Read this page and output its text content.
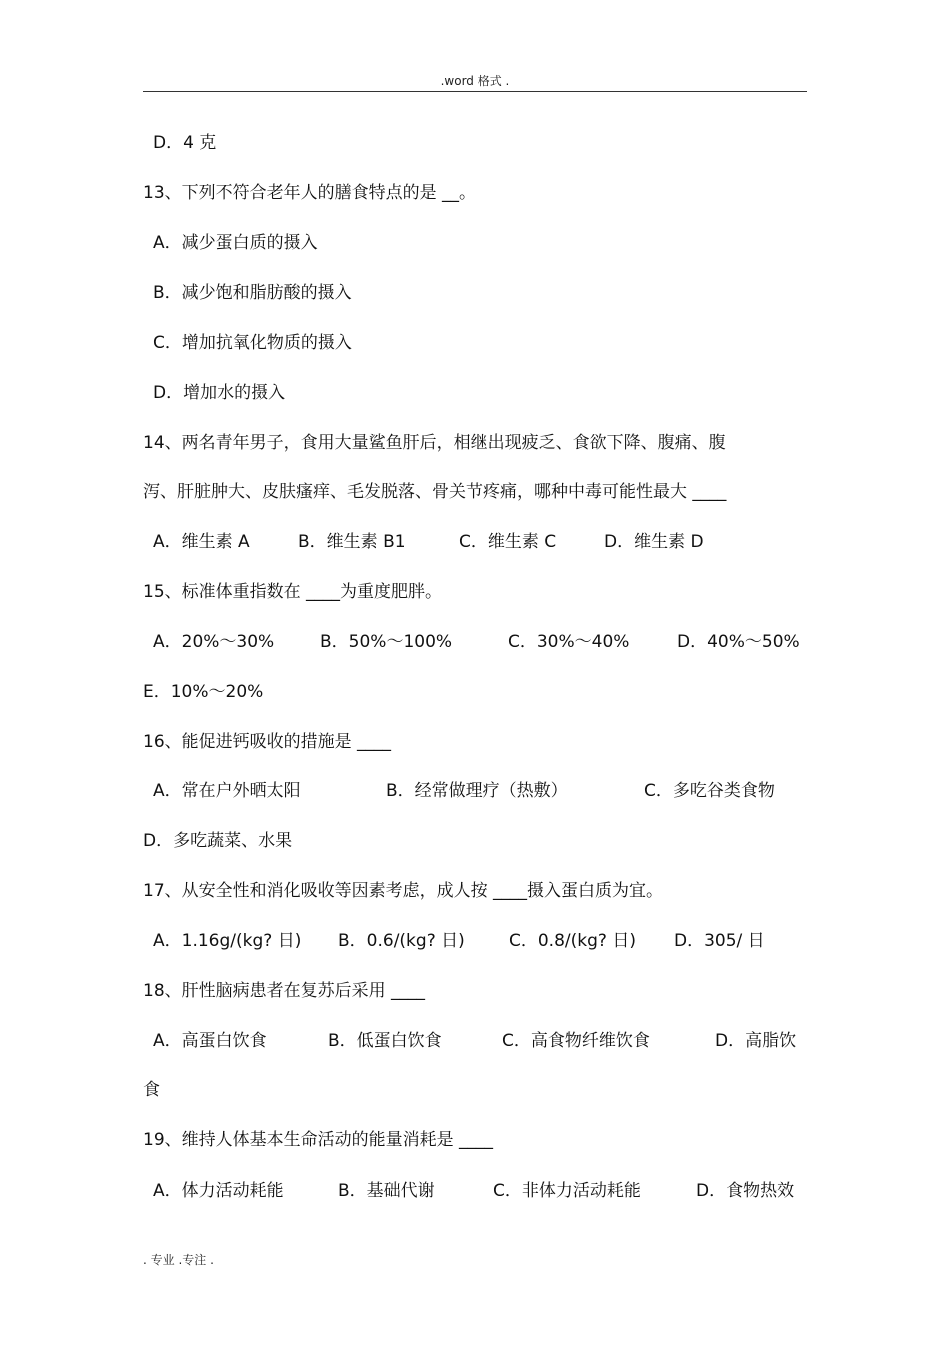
.word 格式 .
D．4 克
13、下列不符合老年人的膳食特点的是 __。
A．减少蛋白质的摄入
B．减少饱和脂肪酸的摄入
C．增加抗氧化物质的摄入
D．增加水的摄入
14、两名青年男子，食用大量鲨鱼肝后，相继出现疲乏、食欲下降、腹痛、腹
泻、肝脏肿大、皮肤瘙痒、毛发脱落、骨关节疼痛，哪种中毒可能性最大 ____
A．维生素 A	B．维生素 B1	C．维生素 C	D．维生素 D
15、标准体重指数在 ____为重度肥胖。
A．20%～30%	B．50%～100%	C．30%～40%	D．40%～50%
E．10%～20%
16、能促进钙吸收的措施是 ____
A．常在户外晒太阳	B．经常做理疗（热敷）	C．多吃谷类食物
D．多吃蔬菜、水果
17、从安全性和消化吸收等因素考虑，成人按 ____摄入蛋白质为宜。
A．1.16g/(kg? 日) B．0.6/(kg? 日)	C．0.8/(kg? 日) D．305/ 日
18、肝性脑病患者在复苏后采用 ____
A．高蛋白饮食	B．低蛋白饮食	C．高食物纤维饮食	D．高脂饮
食
19、维持人体基本生命活动的能量消耗是 ____
A．体力活动耗能	B．基础代谢	C．非体力活动耗能	D．食物热效
. 专业 .专注 .
